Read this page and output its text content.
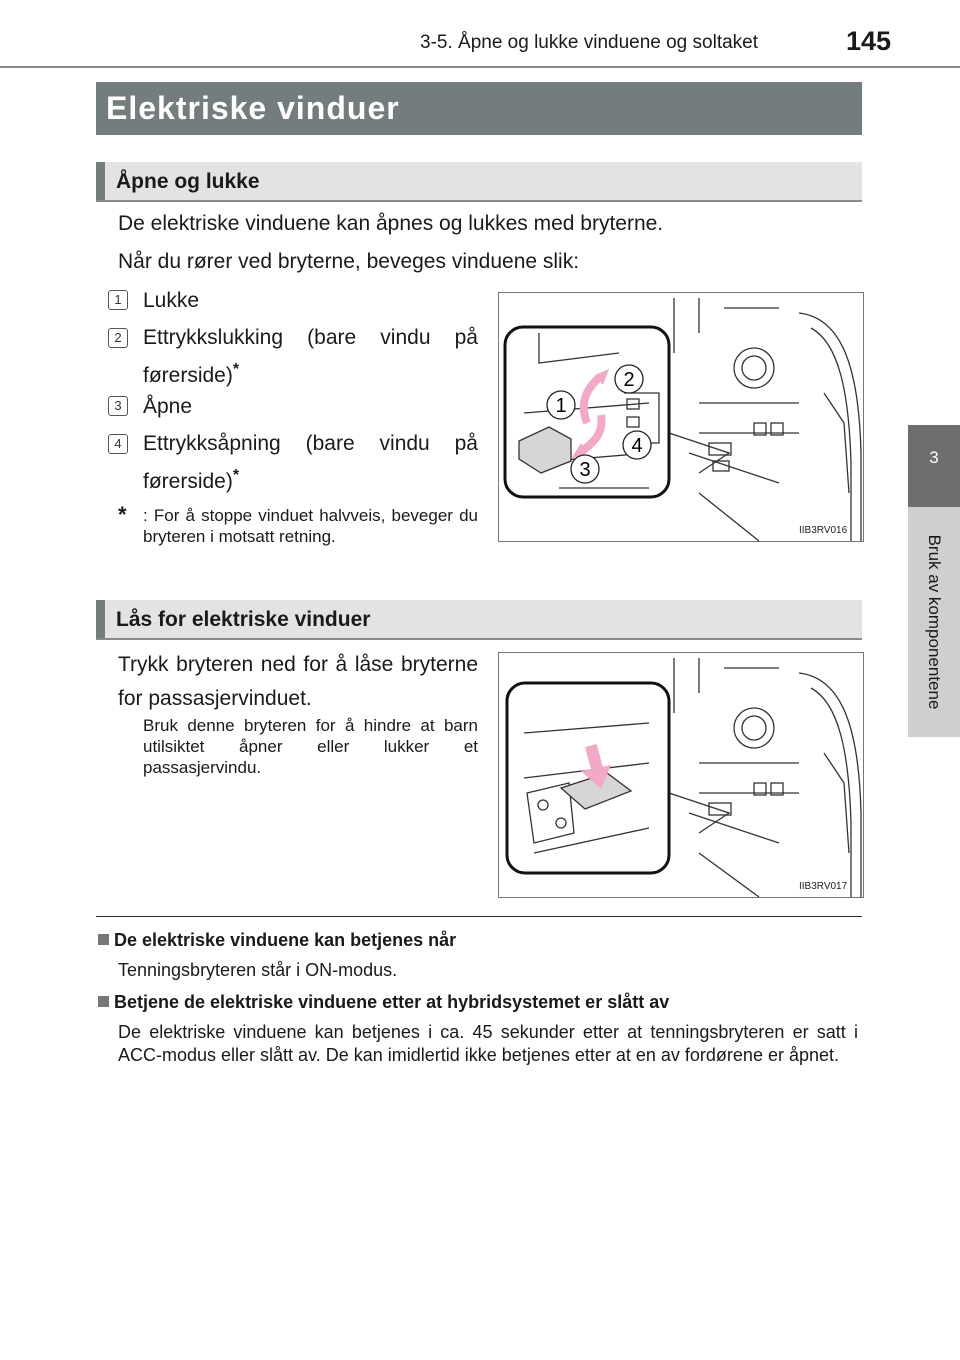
3-5. Åpne og lukke vinduene og soltaket	145
3
Bruk av komponentene
Elektriske vinduer
Åpne og lukke
De elektriske vinduene kan åpnes og lukkes med bryterne.
Når du rører ved bryterne, beveges vinduene slik:
1	Lukke
2	Ettrykkslukking (bare vindu på førerside)*
3	Åpne
4	Ettrykksåpning (bare vindu på førerside)*
* : For å stoppe vinduet halvveis, beveger du bryteren i motsatt retning.
1
2
3
4
IIB3RV016
Lås for elektriske vinduer
Trykk bryteren ned for å låse bryterne for passasjervinduet.
Bruk denne bryteren for å hindre at barn utilsiktet åpner eller lukker et passasjervindu.
IIB3RV017
De elektriske vinduene kan betjenes når
Tenningsbryteren står i ON-modus.
Betjene de elektriske vinduene etter at hybridsystemet er slått av
De elektriske vinduene kan betjenes i ca. 45 sekunder etter at tenningsbryteren er satt i ACC-modus eller slått av. De kan imidlertid ikke betjenes etter at en av fordørene er åpnet.
